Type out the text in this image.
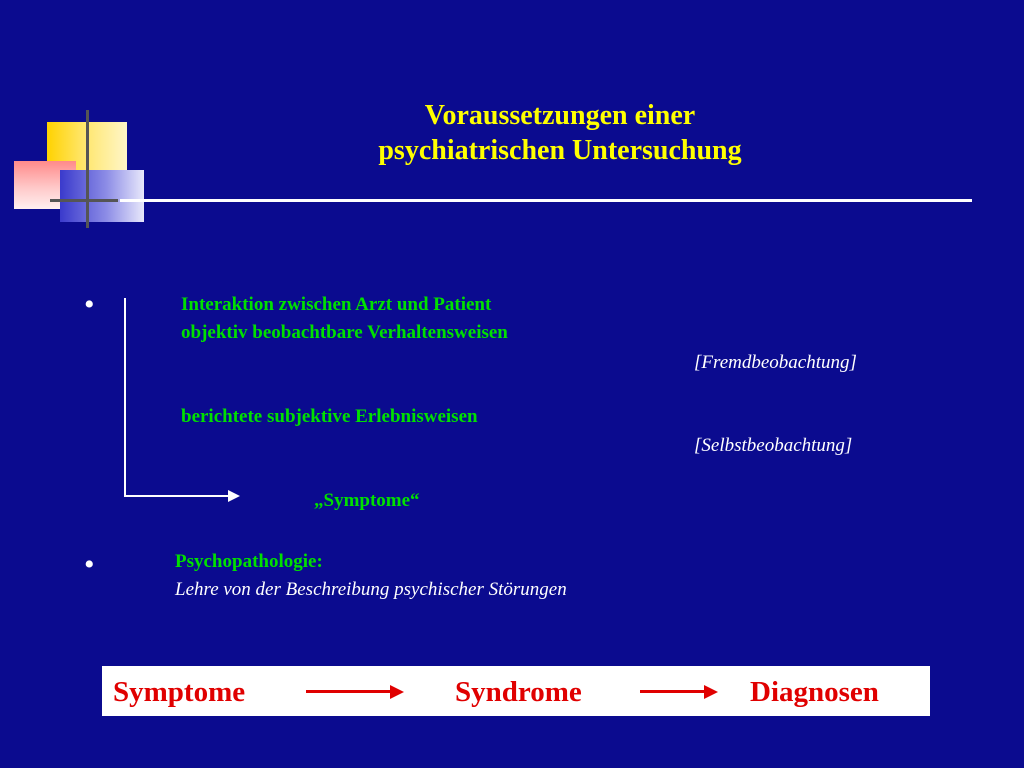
Voraussetzungen einer
psychiatrischen Untersuchung
•	Interaktion zwischen Arzt und Patient
objektiv beobachtbare Verhaltensweisen
[Fremdbeobachtung]
berichtete subjektive Erlebnisweisen
[Selbstbeobachtung]
„Symptome“
•	Psychopathologie:
Lehre von der Beschreibung psychischer Störungen
Symptome	Syndrome	Diagnosen
